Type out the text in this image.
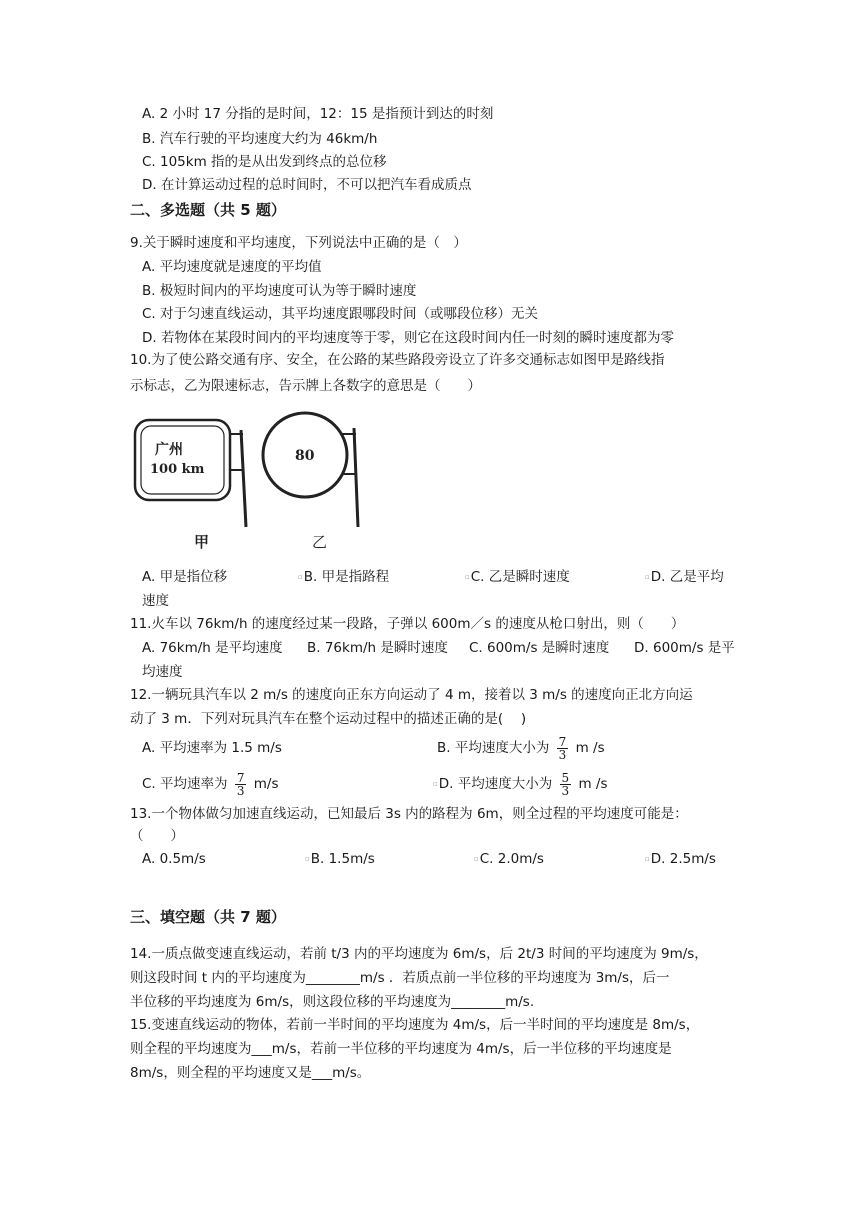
A. 2 小时 17 分指的是时间，12：15 是指预计到达的时刻
B. 汽车行驶的平均速度大约为 46km/h
C. 105km 指的是从出发到终点的总位移
D. 在计算运动过程的总时间时，不可以把汽车看成质点
二、多选题（共 5 题）
9.关于瞬时速度和平均速度，下列说法中正确的是（　）
A. 平均速度就是速度的平均值
B. 极短时间内的平均速度可认为等于瞬时速度
C. 对于匀速直线运动，其平均速度跟哪段时间（或哪段位移）无关
D. 若物体在某段时间内的平均速度等于零，则它在这段时间内任一时刻的瞬时速度都为零
10.为了使公路交通有序、安全，在公路的某些路段旁设立了许多交通标志如图甲是路线指
示标志，乙为限速标志，告示牌上各数字的意思是（　　）
广州
100 km
80
甲	乙
A. 甲是指位移	▫B. 甲是指路程	▫C. 乙是瞬时速度	▫D. 乙是平均
速度
11.火车以 76km/h 的速度经过某一段路，子弹以 600m／s 的速度从枪口射出，则（　　）
A. 76km/h 是平均速度 B. 76km/h 是瞬时速度 C. 600m/s 是瞬时速度 D. 600m/s 是平
均速度
12.一辆玩具汽车以 2 m/s 的速度向正东方向运动了 4 m，接着以 3 m/s 的速度向正北方向运
动了 3 m．下列对玩具汽车在整个运动过程中的描述正确的是(　 )
A. 平均速率为 1.5 m/s	B. 平均速度大小为 $\frac{7}{3}$ m /s
C. 平均速率为 $\frac{7}{3} m/s$	▫D. 平均速度大小为 $\frac{5}{3}$ m /s
13.一个物体做匀加速直线运动，已知最后 3s 内的路程为 6m，则全过程的平均速度可能是：
（　　）
A. 0.5m/s	▫B. 1.5m/s	▫C. 2.0m/s	▫D. 2.5m/s
三、填空题（共 7 题）
14.一质点做变速直线运动，若前 t/3 内的平均速度为 6m/s，后 2t/3 时间的平均速度为 9m/s，
则这段时间 t 内的平均速度为________m/s ．若质点前一半位移的平均速度为 3m/s，后一
半位移的平均速度为 6m/s，则这段位移的平均速度为________m/s.
15.变速直线运动的物体，若前一半时间的平均速度为 4m/s，后一半时间的平均速度是 8m/s，
则全程的平均速度为___m/s，若前一半位移的平均速度为 4m/s，后一半位移的平均速度是
8m/s，则全程的平均速度又是___m/s。
